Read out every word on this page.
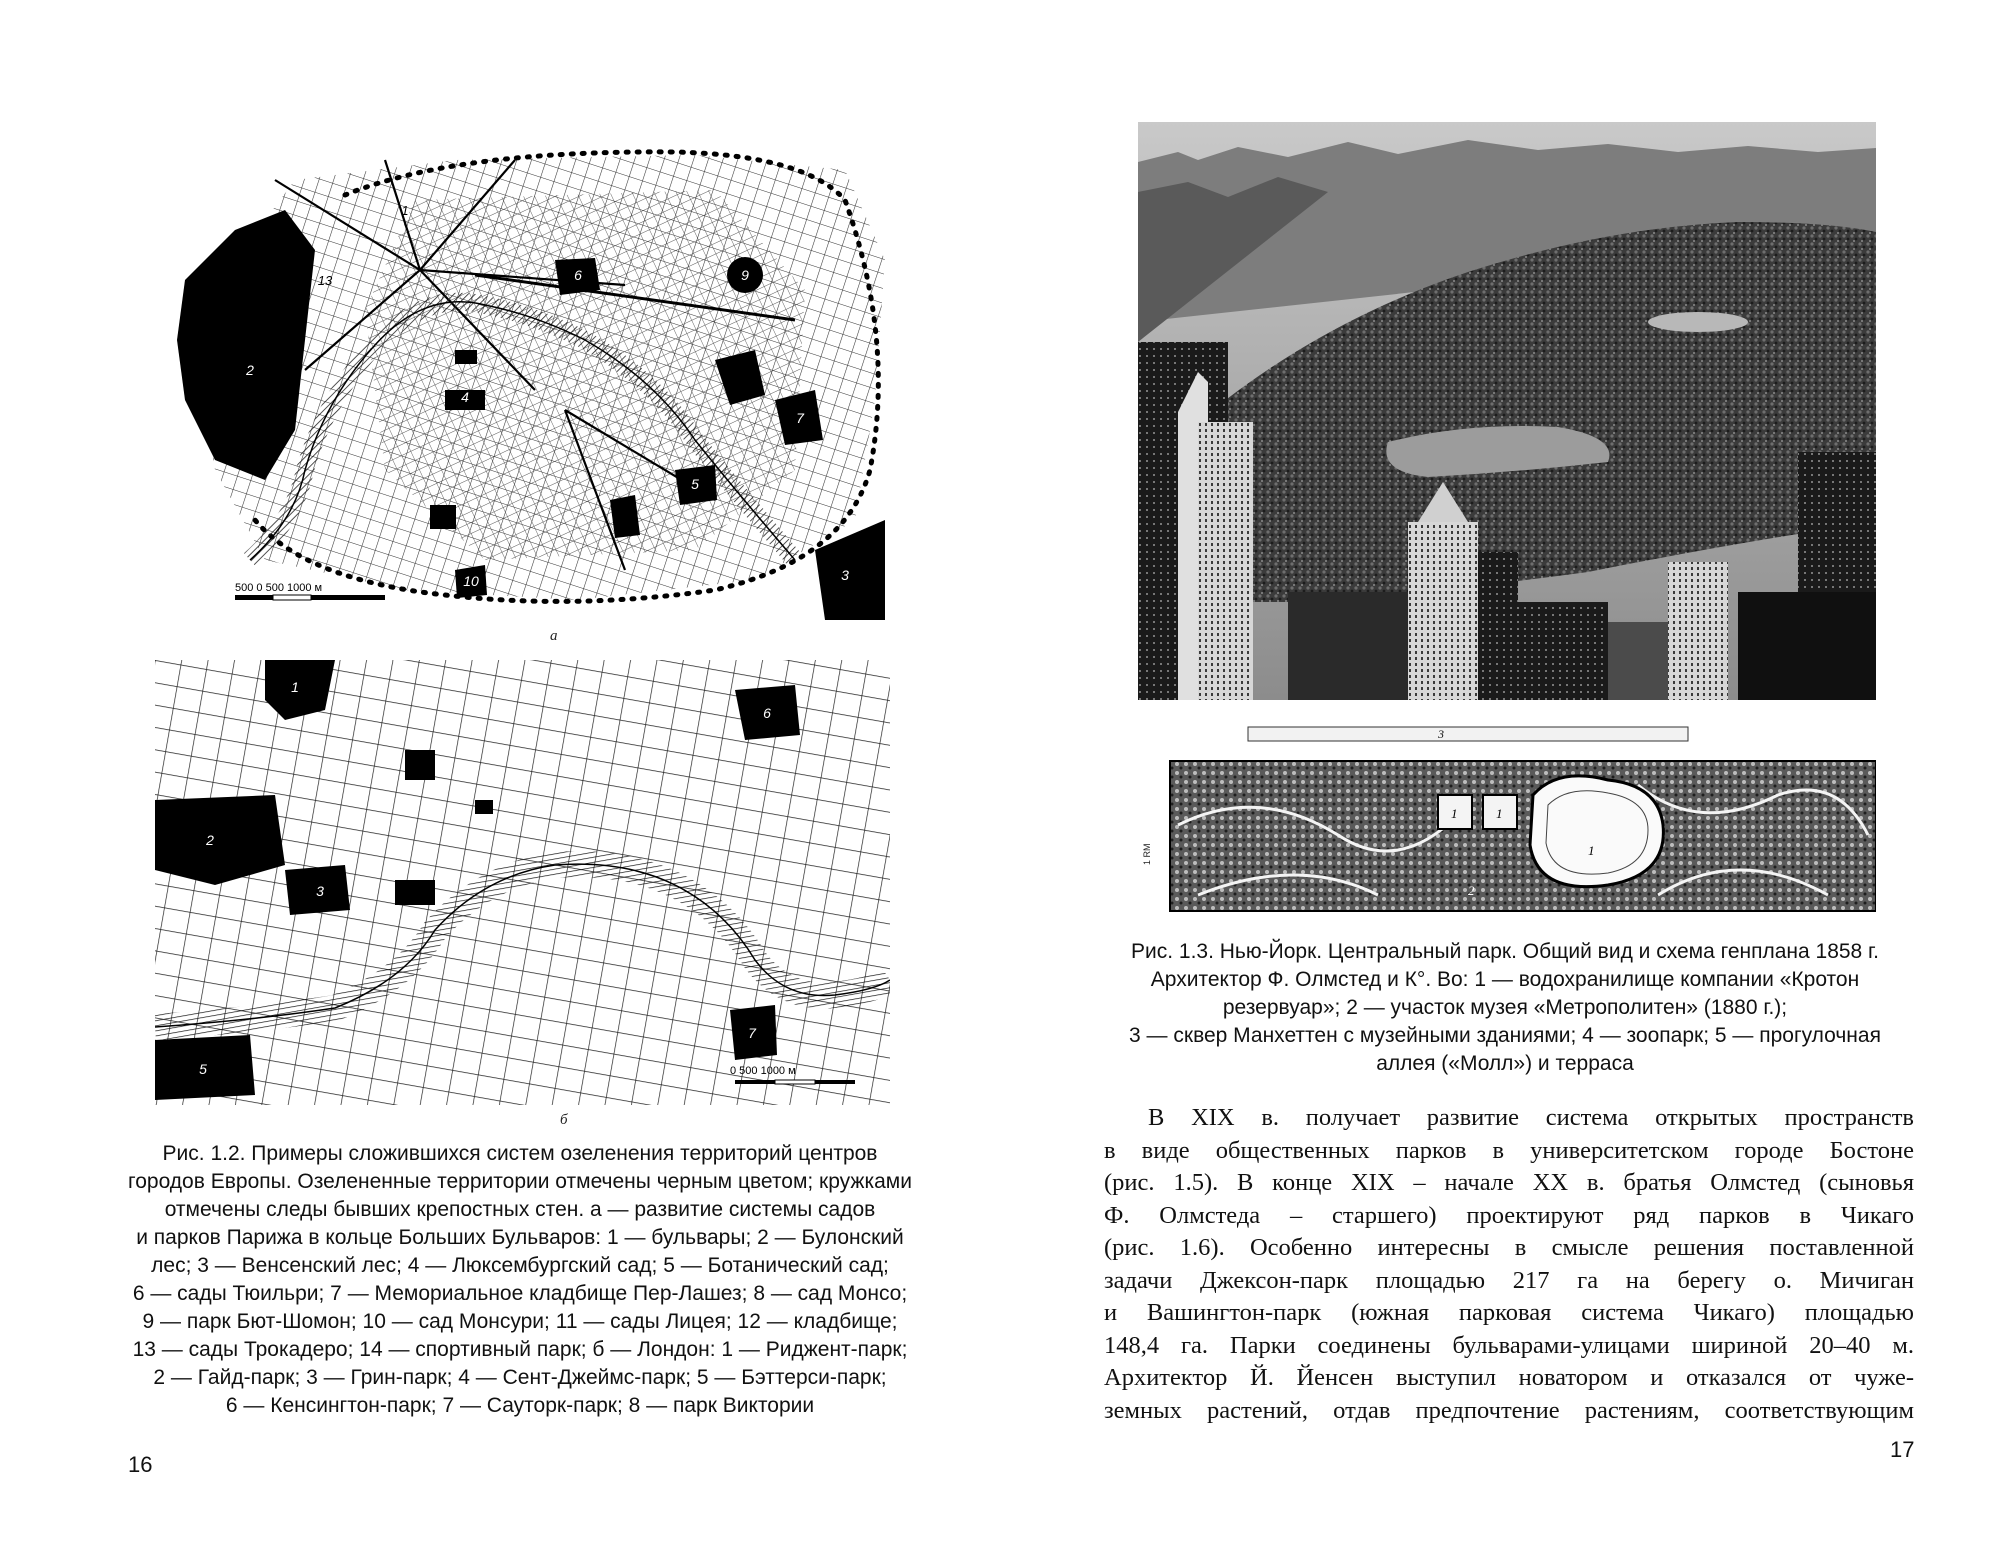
2
3
4
5
6
7
9
10
1
13
500 0 500 1000 м
а
1
2
3
5
6
7
0 500 1000 м
б
Рис. 1.2. Примеры сложившихся систем озеленения территорий центров
городов Европы. Озелененные территории отмечены черным цветом; кружками
отмечены следы бывших крепостных стен. а — развитие системы садов
и парков Парижа в кольце Больших Бульваров: 1 — бульвары; 2 — Булонский
лес; 3 — Венсенский лес; 4 — Люксембургский сад; 5 — Ботанический сад;
6 — сады Тюильри; 7 — Мемориальное кладбище Пер-Лашез; 8 — сад Монсо;
9 — парк Бют-Шомон; 10 — сад Монсури; 11 — сады Лицея; 12 — кладбище;
13 — сады Трокадеро; 14 — спортивный парк; б — Лондон: 1 — Риджент-парк;
2 — Гайд-парк; 3 — Грин-парк; 4 — Сент-Джеймс-парк; 5 — Бэттерси-парк;
6 — Кенсингтон-парк; 7 — Сауторк-парк; 8 — парк Виктории
16
3
1	1
1
2
1 RM
Рис. 1.3. Нью-Йорк. Центральный парк. Общий вид и схема генплана 1858 г.
Архитектор Ф. Олмстед и К°. Во: 1 — водохранилище компании «Кротон
резервуар»; 2 — участок музея «Метрополитен» (1880 г.);
3 — сквер Манхеттен с музейными зданиями; 4 — зоопарк; 5 — прогулочная
аллея («Молл») и терраса
В XIX в. получает развитие система открытых пространств
в виде общественных парков в университетском городе Бостоне
(рис. 1.5). В конце XIX – начале XX в. братья Олмстед (сыновья
Ф. Олмстеда – старшего) проектируют ряд парков в Чикаго
(рис. 1.6). Особенно интересны в смысле решения поставленной
задачи Джексон-парк площадью 217 га на берегу о. Мичиган
и Вашингтон-парк (южная парковая система Чикаго) площадью
148,4 га. Парки соединены бульварами-улицами шириной 20–40 м.
Архитектор Й. Йенсен выступил новатором и отказался от чуже-
земных растений, отдав предпочтение растениям, соответствующим
17
